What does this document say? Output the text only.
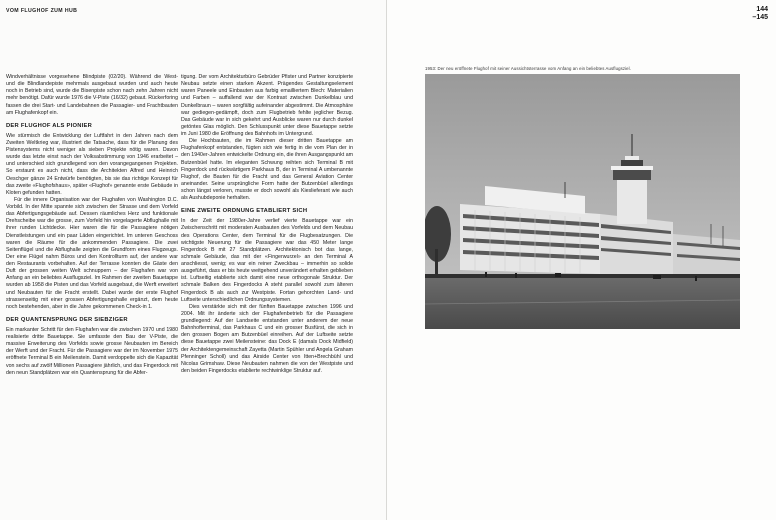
VOM FLUGHOF ZUM HUB

Windverhältnisse vorgesehene Blindpiste (02/20). Während die West- und die Blindlandepiste mehrmals ausgebaut wurden und auch heute noch in Betrieb sind, wurde die Bisenpiste schon nach zehn Jahren nicht mehr benötigt. Dafür wurde 1976 die V-Piste (16/32) gebaut. Rückerforing fassen die drei Start- und Landebahnen die Passagier- und Frachtbauten am Flughafenkopf ein.

DER FLUGHOF ALS PIONIER

Wie stürmisch die Entwicklung der Luftfahrt in den Jahren nach dem Zweiten Weltkrieg war, illustriert die Tatsache, dass für die Planung des Pistensystems nicht weniger als sieben Projekte nötig waren. Davon wurde das letzte einst nach der Volksabstimmung von 1946 erarbeitet – und unterschied sich grundlegend von den vorangegangenen Projekten. So erstaunt es auch nicht, dass die Architekten Alfred und Heinrich Oeschger gänze 24 Entwürfe benötigten, bis sie das richtige Konzept für das zweite «Flughofshaus», später «Flughof» genannte erste Gebäude in Kloten gefunden hatten.

Für die innere Organisation war der Flughafen von Washington D.C. Vorbild. In der Mitte spannte sich zwischen der Strasse und dem Vorfeld das Abfertigungsgebäude auf. Dessen räumliches Herz und funktionale Drehscheibe war die grosse, zum Vorfeld hin vorgelagerte Abflughalle mit ihrer runden Lichtdecke. Hier waren die für die Passagiere nötigen Dienstleistungen und ein paar Läden eingerichtet. Im unteren Geschoss waren die Räume für die ankommenden Passagiere. Die zwei Seitenflügel und die Abflughalle zeigten die Grundform eines Flugzeugs. Der eine Flügel nahm Büros und den Kontrollturm auf, der andere war den Restaurants vorbehalten. Auf der Terrasse konnten die Gäste den Duft der grossen weiten Welt schnuppern – der Flughafen war von Anfang an ein beliebtes Ausflugsziel. Im Rahmen der zweiten Bauetappe wurden ab 1958 die Pisten und das Vorfeld ausgebaut, die Werft erweitert und Neubauten für die Fracht erstellt. Dabei wurde der erste Flughof strassenseitig mit einer grossen Abfertigungshalle ergänzt, dem heute noch bestehenden, aber in die Jahre gekommenen Check-in 1.

DER QUANTENSPRUNG DER SIEBZIGER

Ein markanter Schritt für den Flughafen war die zwischen 1970 und 1980 realisierte dritte Bauetappe. Sie umfasste den Bau der V-Piste, die massive Erweiterung des Vorfelds sowie grosse Neubauten im Bereich der Werft und der Fracht. Für die Passagiere war der im November 1975 eröffnete Terminal B ein Meilenstein. Damit verdoppelte sich die Kapazität von sechs auf zwölf Millionen Passagiere jährlich, und das Fingerdock mit den neun Standplätzen war ein Quantensprung für die Abfer-

tigung. Der vom Architekturbüro Gebrüder Pfister und Partner konzipierte Neubau setzte einen starken Akzent. Prägendes Gestaltungselement waren Paneele und Einbauten aus farbig emailliertem Blech: Materialien und Farben – auffallend war der Kontrast zwischen Dunkelblau und Dunkelbraun – waren sorgfältig aufeinander abgestimmt. Die Atmosphäre war gediegen-gedämpft, doch zum Flugbetrieb fehlte jeglicher Bezug. Das Gebäude war in sich gekehrt und Ausblicke waren nur durch dunkel getöntes Glas möglich. Den Schlusspunkt unter diese Bauetappe setzte im Juni 1980 die Eröffnung des Bahnhofs im Untergrund.

Die Hochbauten, die im Rahmen dieser dritten Bauetappe am Flughafenkopf entstanden, fügten sich wie fertig in die vom Plan der in den 1940er-Jahren entwickelte Ordnung ein, die ihren Ausgangspunkt am Butzenbüel hatte. Im eleganten Schwung reihten sich Terminal B mit Fingerdock und rückwärtigem Parkhaus B, der in Terminal A umbenannte Flughof, die Bauten für die Fracht und das General Aviation Center aneinander. Seine ursprüngliche Form hatte der Butzenbüel allerdings schon längst verloren, musste er doch sowohl als Kieslieferant wie auch als Aushubdeponie herhalten.

EINE ZWEITE ORDNUNG ETABLIERT SICH

In der Zeit der 1980er-Jahre verlief vierte Bauetappe war ein Zwischenschritt mit moderaten Ausbauten des Vorfelds und dem Neubau des Operations Center, dem Terminal für die Flugbesatzungen. Die wichtigste Neuerung für die Passagiere war das 450 Meter lange Fingerdock B mit 27 Standplätzen. Architektonisch bot das lange, schmale Gebäude, das mit der «Fingerwurzel» an den Terminal A anschliesst, wenig; es war ein reiner Zweckbau – immerhin so solide ausgeführt, dass er bis heute weitgehend unverändert erhalten geblieben ist. Luftseitig etablierte sich damit eine neue orthogonale Struktur. Der schmale Balken des Fingerdocks A steht parallel sowohl zum älteren Fingerdock B als auch zur Westpiste. Fortan gehorchten Land- und Luftseite unterschiedlichen Ordnungssystemen.

Dies verstärkte sich mit der fünften Bauetappe zwischen 1996 und 2004. Mit ihr änderte sich der Flughafenbetrieb für die Passagiere grundlegend: Auf der Landseite entstanden unter anderem der neue Bahnhofterminal, das Parkhaus C und ein grosser Busfürst, die sich in den grossen Bogen am Butzenbüel einreihen. Auf der Luftseite setzte diese Bauetappe zwei Meilensteine: das Dock E (damals Dock Midfield) der Architektengemeinschaft Zayetta (Martin Spühler und Angela Graham Pfenninger Scholl) und das Airside Center von Itten+Brechbühl und Nicolas Grimshaw. Diese Neubauten nahmen die von der Westpiste und den beiden Fingerdocks etablierte rechtwinklige Struktur auf.

144
–145
1953: Der neu eröffnete Flughof mit seiner Aussichtsterrasse vom Anfang an ein beliebtes Ausflugsziel.
